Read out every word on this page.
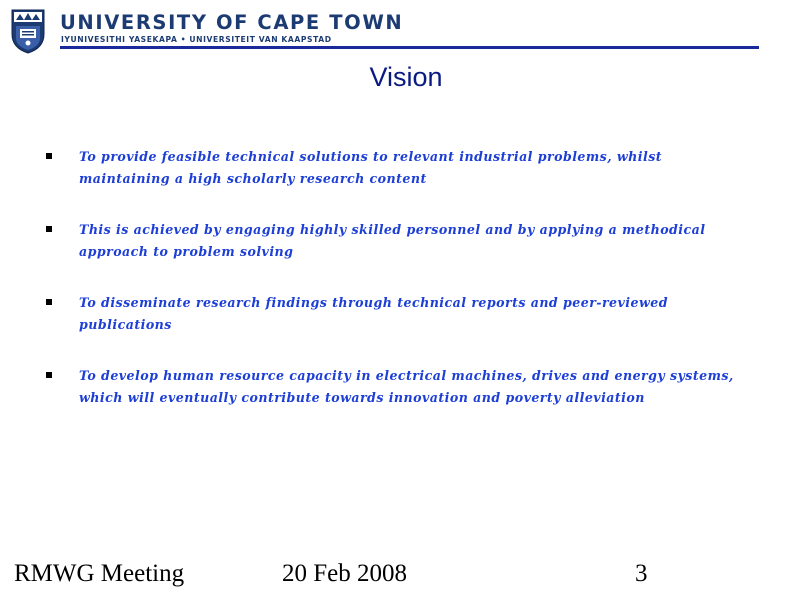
UNIVERSITY OF CAPE TOWN
IYUNIVESITHI YASEKAPA • UNIVERSITEIT VAN KAAPSTAD
Vision
To provide feasible technical solutions to relevant industrial problems, whilst maintaining a high scholarly research content
This is achieved by engaging highly skilled personnel and by applying a methodical approach to problem solving
To disseminate research findings through technical reports and peer-reviewed publications
To develop human resource capacity in electrical machines, drives and energy systems, which will eventually contribute towards innovation and poverty alleviation
RMWG Meeting	20 Feb 2008	3
